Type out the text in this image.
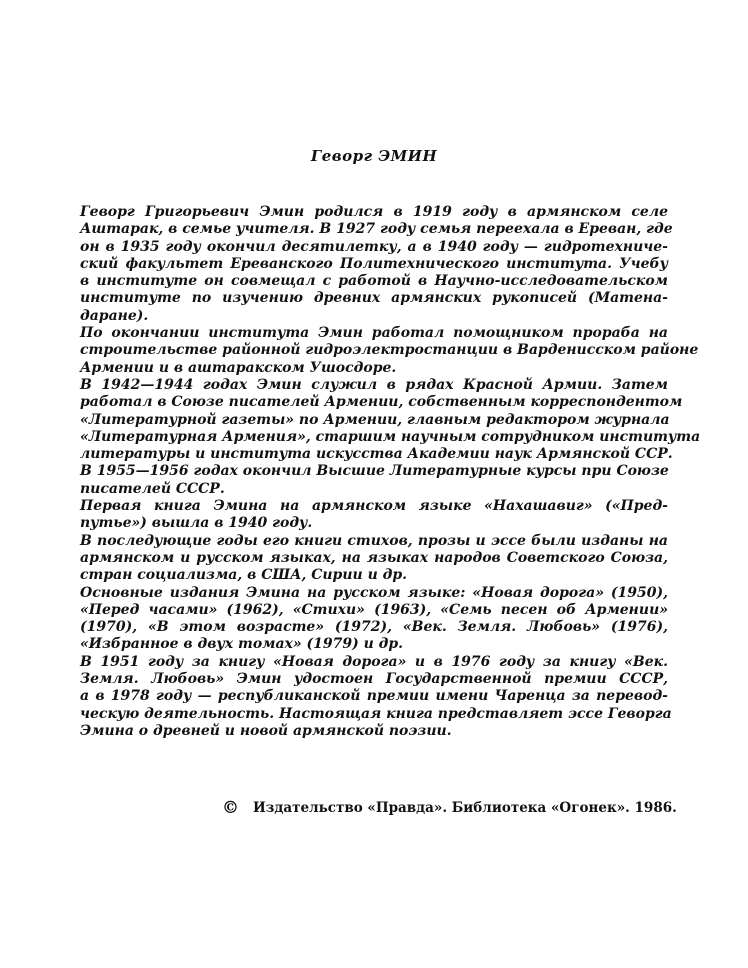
Геворг ЭМИН

Геворг Григорьевич Эмин родился в 1919 году в армянском селе
Аштарак, в семье учителя. В 1927 году семья переехала в Ереван, где
он в 1935 году окончил десятилетку, а в 1940 году — гидротехниче-
ский факультет Ереванского Политехнического института. Учебу
в институте он совмещал с работой в Научно-исследовательском
институте по изучению древних армянских рукописей (Матена-
даране).

По окончании института Эмин работал помощником прораба на
строительстве районной гидроэлектростанции в Варденисском районе
Армении и в аштаракском Ушосдоре.

В 1942—1944 годах Эмин служил в рядах Красной Армии. Затем
работал в Союзе писателей Армении, собственным корреспондентом
«Литературной газеты» по Армении, главным редактором журнала
«Литературная Армения», старшим научным сотрудником института
литературы и института искусства Академии наук Армянской ССР.

В 1955—1956 годах окончил Высшие Литературные курсы при Союзе
писателей СССР.

Первая книга Эмина на армянском языке «Нахашавиг» («Пред-
путье») вышла в 1940 году.

В последующие годы его книги стихов, прозы и эссе были изданы на
армянском и русском языках, на языках народов Советского Союза,
стран социализма, в США, Сирии и др.

Основные издания Эмина на русском языке: «Новая дорога» (1950),
«Перед часами» (1962), «Стихи» (1963), «Семь песен об Армении»
(1970), «В этом возрасте» (1972), «Век. Земля. Любовь» (1976),
«Избранное в двух томах» (1979) и др.

В 1951 году за книгу «Новая дорога» и в 1976 году за книгу «Век.
Земля. Любовь» Эмин удостоен Государственной премии СССР,
а в 1978 году — республиканской премии имени Чаренца за перевод-
ческую деятельность. Настоящая книга представляет эссе Геворга
Эмина о древней и новой армянской поэзии.

© Издательство «Правда». Библиотека «Огонек». 1986.
